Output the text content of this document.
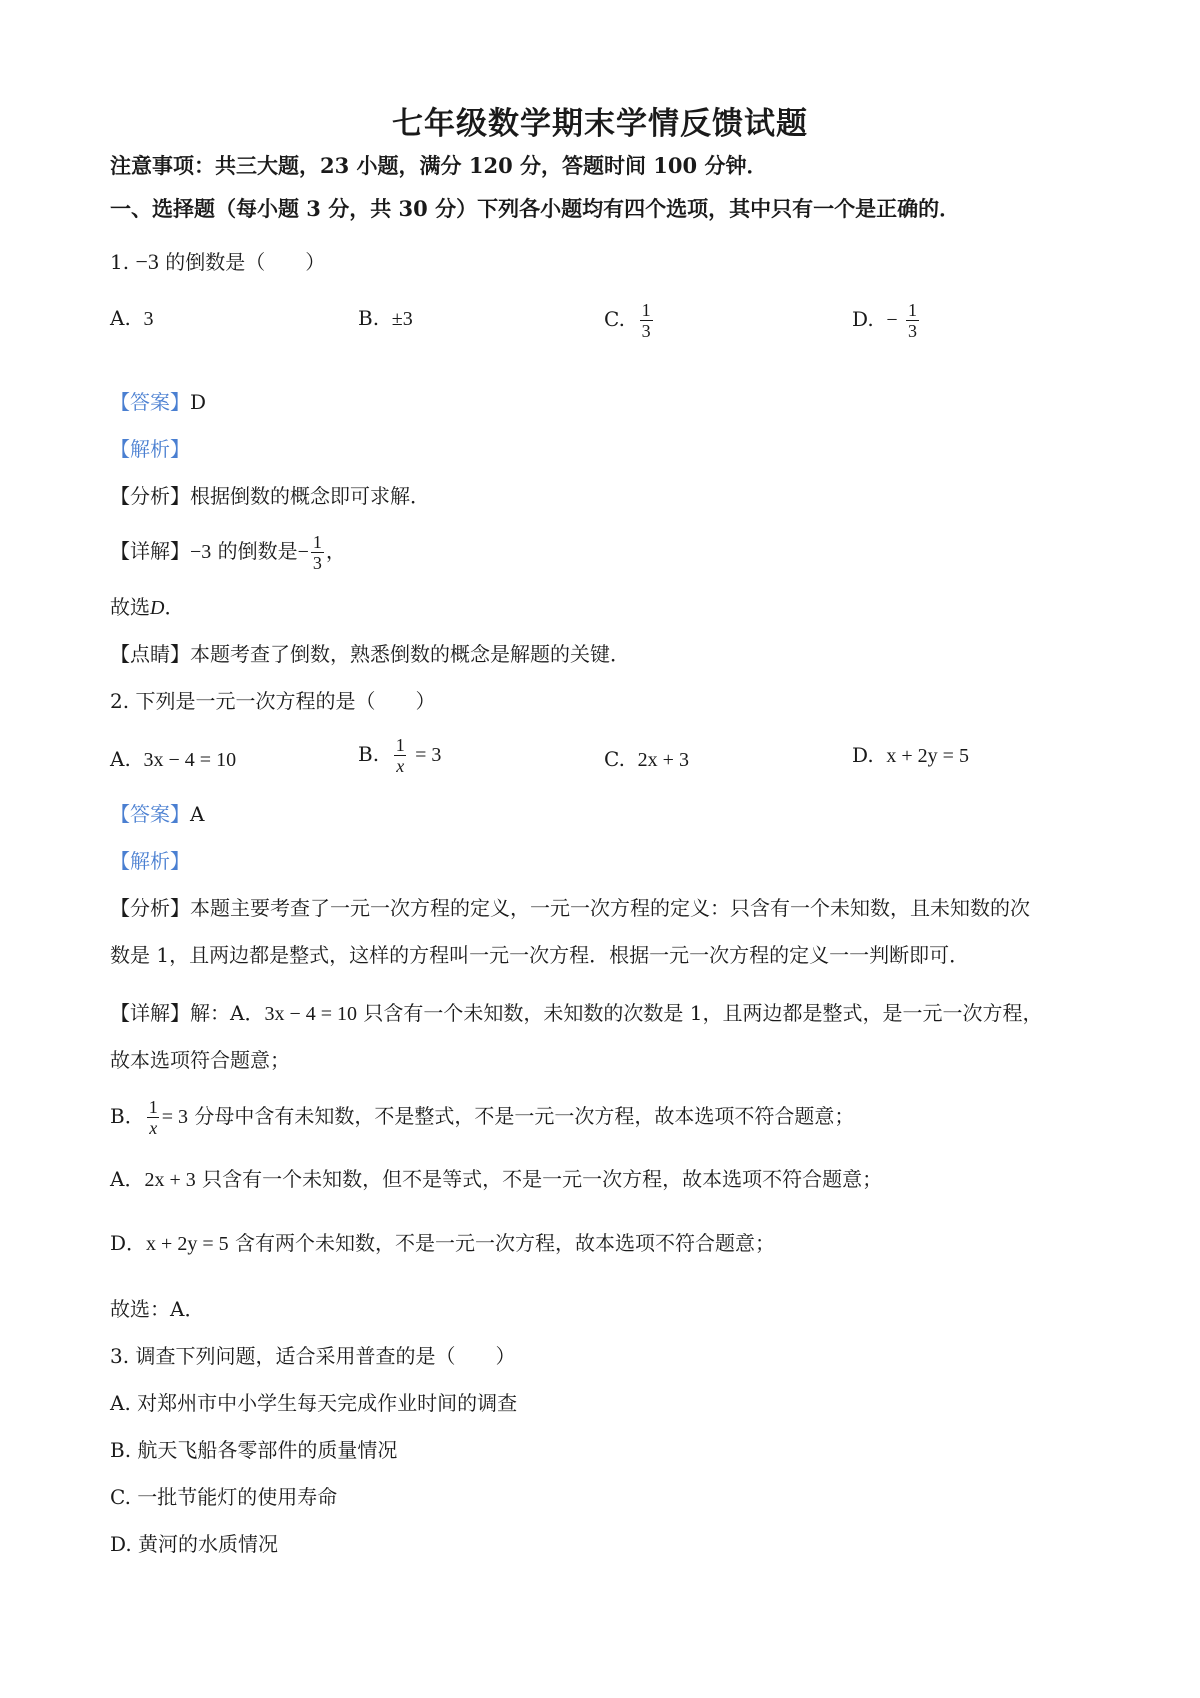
七年级数学期末学情反馈试题
注意事项：共三大题，23 小题，满分 120 分，答题时间 100 分钟．
一、选择题（每小题 3 分，共 30 分）下列各小题均有四个选项，其中只有一个是正确的．
1. −3 的倒数是（　　）
A. 3	B. ±3	C. $\frac{1}{3}$	D. − $\frac{1}{3}$
【答案】D
【解析】
【分析】根据倒数的概念即可求解．
【详解】−3 的倒数是− $\frac{1}{3}$ ，
故选D．
【点睛】本题考查了倒数，熟悉倒数的概念是解题的关键．
2. 下列是一元一次方程的是（　　）
A. 3x − 4 = 10	B. $\frac{1}{x} = 3$	C. 2x + 3	D. x + 2y = 5
【答案】A
【解析】
【分析】本题主要考查了一元一次方程的定义，一元一次方程的定义：只含有一个未知数，且未知数的次
数是 1，且两边都是整式，这样的方程叫一元一次方程．根据一元一次方程的定义一一判断即可．
【详解】解：A．3x − 4 = 10 只含有一个未知数，未知数的次数是 1，且两边都是整式，是一元一次方程，
故本选项符合题意；
B． $\frac{1}{x} = 3$ 分母中含有未知数，不是整式，不是一元一次方程，故本选项不符合题意；
A．2x + 3 只含有一个未知数，但不是等式，不是一元一次方程，故本选项不符合题意；
D．x + 2y = 5 含有两个未知数，不是一元一次方程，故本选项不符合题意；
故选：A．
3. 调查下列问题，适合采用普查的是（　　）
A. 对郑州市中小学生每天完成作业时间的调查
B. 航天飞船各零部件的质量情况
C. 一批节能灯的使用寿命
D. 黄河的水质情况
